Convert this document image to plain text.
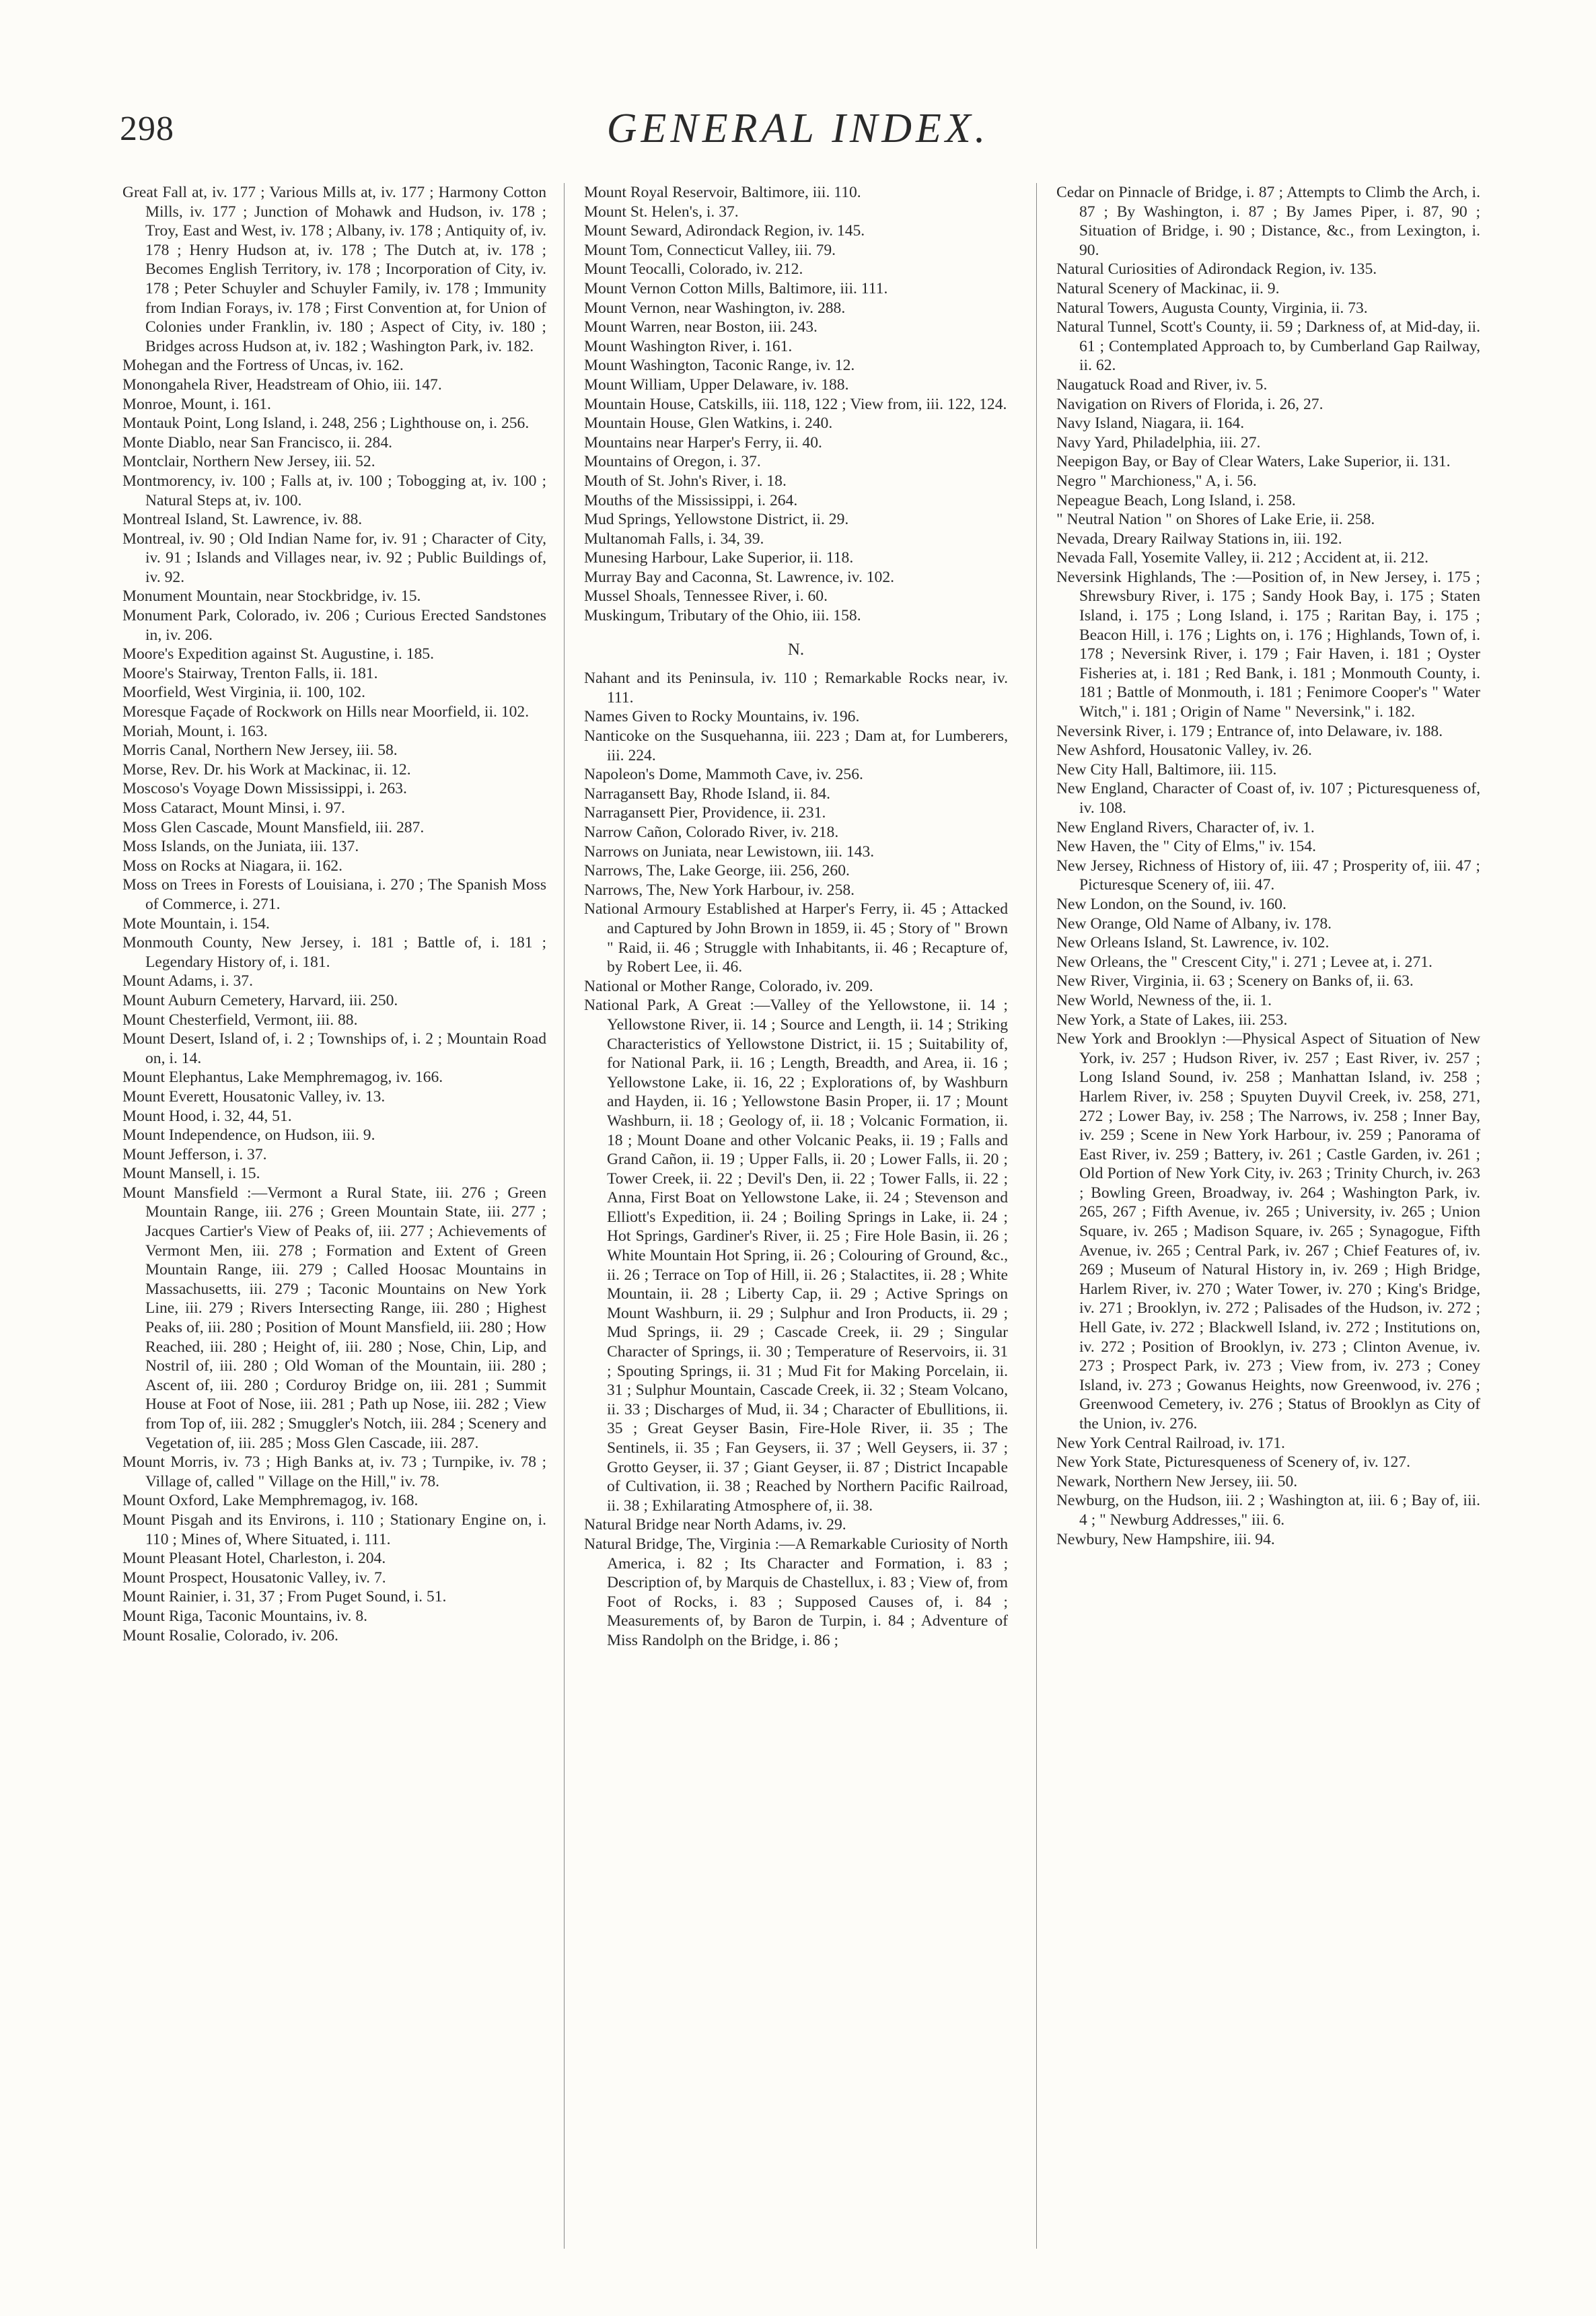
298	GENERAL INDEX.
Great Fall at, iv. 177 ; Various Mills at, iv. 177 ; Harmony Cotton Mills, iv. 177 ; Junction of Mohawk and Hudson, iv. 178 ; Troy, East and West, iv. 178 ; Albany, iv. 178 ; Antiquity of, iv. 178 ; Henry Hudson at, iv. 178 ; The Dutch at, iv. 178 ; Becomes English Territory, iv. 178 ; Incorporation of City, iv. 178 ; Peter Schuyler and Schuyler Family, iv. 178 ; Immunity from Indian Forays, iv. 178 ; First Convention at, for Union of Colonies under Franklin, iv. 180 ; Aspect of City, iv. 180 ; Bridges across Hudson at, iv. 182 ; Washington Park, iv. 182.
Mohegan and the Fortress of Uncas, iv. 162.
Monongahela River, Headstream of Ohio, iii. 147.
Monroe, Mount, i. 161.
Montauk Point, Long Island, i. 248, 256 ; Lighthouse on, i. 256.
Monte Diablo, near San Francisco, ii. 284.
Montclair, Northern New Jersey, iii. 52.
Montmorency, iv. 100 ; Falls at, iv. 100 ; Tobogging at, iv. 100 ; Natural Steps at, iv. 100.
Montreal Island, St. Lawrence, iv. 88.
Montreal, iv. 90 ; Old Indian Name for, iv. 91 ; Character of City, iv. 91 ; Islands and Villages near, iv. 92 ; Public Buildings of, iv. 92.
Monument Mountain, near Stockbridge, iv. 15.
Monument Park, Colorado, iv. 206 ; Curious Erected Sandstones in, iv. 206.
Moore's Expedition against St. Augustine, i. 185.
Moore's Stairway, Trenton Falls, ii. 181.
Moorfield, West Virginia, ii. 100, 102.
Moresque Façade of Rockwork on Hills near Moorfield, ii. 102.
Moriah, Mount, i. 163.
Morris Canal, Northern New Jersey, iii. 58.
Morse, Rev. Dr. his Work at Mackinac, ii. 12.
Moscoso's Voyage Down Mississippi, i. 263.
Moss Cataract, Mount Minsi, i. 97.
Moss Glen Cascade, Mount Mansfield, iii. 287.
Moss Islands, on the Juniata, iii. 137.
Moss on Rocks at Niagara, ii. 162.
Moss on Trees in Forests of Louisiana, i. 270 ; The Spanish Moss of Commerce, i. 271.
Mote Mountain, i. 154.
Monmouth County, New Jersey, i. 181 ; Battle of, i. 181 ; Legendary History of, i. 181.
Mount Adams, i. 37.
Mount Auburn Cemetery, Harvard, iii. 250.
Mount Chesterfield, Vermont, iii. 88.
Mount Desert, Island of, i. 2 ; Townships of, i. 2 ; Mountain Road on, i. 14.
Mount Elephantus, Lake Memphremagog, iv. 166.
Mount Everett, Housatonic Valley, iv. 13.
Mount Hood, i. 32, 44, 51.
Mount Independence, on Hudson, iii. 9.
Mount Jefferson, i. 37.
Mount Mansell, i. 15.
Mount Mansfield :—Vermont a Rural State, iii. 276 ; Green Mountain Range, iii. 276 ; Green Mountain State, iii. 277 ; Jacques Cartier's View of Peaks of, iii. 277 ; Achievements of Vermont Men, iii. 278 ; Formation and Extent of Green Mountain Range, iii. 279 ; Called Hoosac Mountains in Massachusetts, iii. 279 ; Taconic Mountains on New York Line, iii. 279 ; Rivers Intersecting Range, iii. 280 ; Highest Peaks of, iii. 280 ; Position of Mount Mansfield, iii. 280 ; How Reached, iii. 280 ; Height of, iii. 280 ; Nose, Chin, Lip, and Nostril of, iii. 280 ; Old Woman of the Mountain, iii. 280 ; Ascent of, iii. 280 ; Corduroy Bridge on, iii. 281 ; Summit House at Foot of Nose, iii. 281 ; Path up Nose, iii. 282 ; View from Top of, iii. 282 ; Smuggler's Notch, iii. 284 ; Scenery and Vegetation of, iii. 285 ; Moss Glen Cascade, iii. 287.
Mount Morris, iv. 73 ; High Banks at, iv. 73 ; Turnpike, iv. 78 ; Village of, called " Village on the Hill," iv. 78.
Mount Oxford, Lake Memphremagog, iv. 168.
Mount Pisgah and its Environs, i. 110 ; Stationary Engine on, i. 110 ; Mines of, Where Situated, i. 111.
Mount Pleasant Hotel, Charleston, i. 204.
Mount Prospect, Housatonic Valley, iv. 7.
Mount Rainier, i. 31, 37 ; From Puget Sound, i. 51.
Mount Riga, Taconic Mountains, iv. 8.
Mount Rosalie, Colorado, iv. 206.
Mount Royal Reservoir, Baltimore, iii. 110.
Mount St. Helen's, i. 37.
Mount Seward, Adirondack Region, iv. 145.
Mount Tom, Connecticut Valley, iii. 79.
Mount Teocalli, Colorado, iv. 212.
Mount Vernon Cotton Mills, Baltimore, iii. 111.
Mount Vernon, near Washington, iv. 288.
Mount Warren, near Boston, iii. 243.
Mount Washington River, i. 161.
Mount Washington, Taconic Range, iv. 12.
Mount William, Upper Delaware, iv. 188.
Mountain House, Catskills, iii. 118, 122 ; View from, iii. 122, 124.
Mountain House, Glen Watkins, i. 240.
Mountains near Harper's Ferry, ii. 40.
Mountains of Oregon, i. 37.
Mouth of St. John's River, i. 18.
Mouths of the Mississippi, i. 264.
Mud Springs, Yellowstone District, ii. 29.
Multanomah Falls, i. 34, 39.
Munesing Harbour, Lake Superior, ii. 118.
Murray Bay and Caconna, St. Lawrence, iv. 102.
Mussel Shoals, Tennessee River, i. 60.
Muskingum, Tributary of the Ohio, iii. 158.
N.
Nahant and its Peninsula, iv. 110 ; Remarkable Rocks near, iv. 111.
Names Given to Rocky Mountains, iv. 196.
Nanticoke on the Susquehanna, iii. 223 ; Dam at, for Lumberers, iii. 224.
Napoleon's Dome, Mammoth Cave, iv. 256.
Narragansett Bay, Rhode Island, ii. 84.
Narragansett Pier, Providence, ii. 231.
Narrow Cañon, Colorado River, iv. 218.
Narrows on Juniata, near Lewistown, iii. 143.
Narrows, The, Lake George, iii. 256, 260.
Narrows, The, New York Harbour, iv. 258.
National Armoury Established at Harper's Ferry, ii. 45 ; Attacked and Captured by John Brown in 1859, ii. 45 ; Story of " Brown " Raid, ii. 46 ; Struggle with Inhabitants, ii. 46 ; Recapture of, by Robert Lee, ii. 46.
National or Mother Range, Colorado, iv. 209.
National Park, A Great :—Valley of the Yellowstone, ii. 14 ; Yellowstone River, ii. 14 ; Source and Length, ii. 14 ; Striking Characteristics of Yellowstone District, ii. 15 ; Suitability of, for National Park, ii. 16 ; Length, Breadth, and Area, ii. 16 ; Yellowstone Lake, ii. 16, 22 ; Explorations of, by Washburn and Hayden, ii. 16 ; Yellowstone Basin Proper, ii. 17 ; Mount Washburn, ii. 18 ; Geology of, ii. 18 ; Volcanic Formation, ii. 18 ; Mount Doane and other Volcanic Peaks, ii. 19 ; Falls and Grand Cañon, ii. 19 ; Upper Falls, ii. 20 ; Lower Falls, ii. 20 ; Tower Creek, ii. 22 ; Devil's Den, ii. 22 ; Tower Falls, ii. 22 ; Anna, First Boat on Yellowstone Lake, ii. 24 ; Stevenson and Elliott's Expedition, ii. 24 ; Boiling Springs in Lake, ii. 24 ; Hot Springs, Gardiner's River, ii. 25 ; Fire Hole Basin, ii. 26 ; White Mountain Hot Spring, ii. 26 ; Colouring of Ground, &c., ii. 26 ; Terrace on Top of Hill, ii. 26 ; Stalactites, ii. 28 ; White Mountain, ii. 28 ; Liberty Cap, ii. 29 ; Active Springs on Mount Washburn, ii. 29 ; Sulphur and Iron Products, ii. 29 ; Mud Springs, ii. 29 ; Cascade Creek, ii. 29 ; Singular Character of Springs, ii. 30 ; Temperature of Reservoirs, ii. 31 ; Spouting Springs, ii. 31 ; Mud Fit for Making Porcelain, ii. 31 ; Sulphur Mountain, Cascade Creek, ii. 32 ; Steam Volcano, ii. 33 ; Discharges of Mud, ii. 34 ; Character of Ebullitions, ii. 35 ; Great Geyser Basin, Fire-Hole River, ii. 35 ; The Sentinels, ii. 35 ; Fan Geysers, ii. 37 ; Well Geysers, ii. 37 ; Grotto Geyser, ii. 37 ; Giant Geyser, ii. 87 ; District Incapable of Cultivation, ii. 38 ; Reached by Northern Pacific Railroad, ii. 38 ; Exhilarating Atmosphere of, ii. 38.
Natural Bridge near North Adams, iv. 29.
Natural Bridge, The, Virginia :—A Remarkable Curiosity of North America, i. 82 ; Its Character and Formation, i. 83 ; Description of, by Marquis de Chastellux, i. 83 ; View of, from Foot of Rocks, i. 83 ; Supposed Causes of, i. 84 ; Measurements of, by Baron de Turpin, i. 84 ; Adventure of Miss Randolph on the Bridge, i. 86 ;
Cedar on Pinnacle of Bridge, i. 87 ; Attempts to Climb the Arch, i. 87 ; By Washington, i. 87 ; By James Piper, i. 87, 90 ; Situation of Bridge, i. 90 ; Distance, &c., from Lexington, i. 90.
Natural Curiosities of Adirondack Region, iv. 135.
Natural Scenery of Mackinac, ii. 9.
Natural Towers, Augusta County, Virginia, ii. 73.
Natural Tunnel, Scott's County, ii. 59 ; Darkness of, at Mid-day, ii. 61 ; Contemplated Approach to, by Cumberland Gap Railway, ii. 62.
Naugatuck Road and River, iv. 5.
Navigation on Rivers of Florida, i. 26, 27.
Navy Island, Niagara, ii. 164.
Navy Yard, Philadelphia, iii. 27.
Neepigon Bay, or Bay of Clear Waters, Lake Superior, ii. 131.
Negro " Marchioness," A, i. 56.
Nepeague Beach, Long Island, i. 258.
" Neutral Nation " on Shores of Lake Erie, ii. 258.
Nevada, Dreary Railway Stations in, iii. 192.
Nevada Fall, Yosemite Valley, ii. 212 ; Accident at, ii. 212.
Neversink Highlands, The :—Position of, in New Jersey, i. 175 ; Shrewsbury River, i. 175 ; Sandy Hook Bay, i. 175 ; Staten Island, i. 175 ; Long Island, i. 175 ; Raritan Bay, i. 175 ; Beacon Hill, i. 176 ; Lights on, i. 176 ; Highlands, Town of, i. 178 ; Neversink River, i. 179 ; Fair Haven, i. 181 ; Oyster Fisheries at, i. 181 ; Red Bank, i. 181 ; Monmouth County, i. 181 ; Battle of Monmouth, i. 181 ; Fenimore Cooper's " Water Witch," i. 181 ; Origin of Name " Neversink," i. 182.
Neversink River, i. 179 ; Entrance of, into Delaware, iv. 188.
New Ashford, Housatonic Valley, iv. 26.
New City Hall, Baltimore, iii. 115.
New England, Character of Coast of, iv. 107 ; Picturesqueness of, iv. 108.
New England Rivers, Character of, iv. 1.
New Haven, the " City of Elms," iv. 154.
New Jersey, Richness of History of, iii. 47 ; Prosperity of, iii. 47 ; Picturesque Scenery of, iii. 47.
New London, on the Sound, iv. 160.
New Orange, Old Name of Albany, iv. 178.
New Orleans Island, St. Lawrence, iv. 102.
New Orleans, the " Crescent City," i. 271 ; Levee at, i. 271.
New River, Virginia, ii. 63 ; Scenery on Banks of, ii. 63.
New World, Newness of the, ii. 1.
New York, a State of Lakes, iii. 253.
New York and Brooklyn :—Physical Aspect of Situation of New York, iv. 257 ; Hudson River, iv. 257 ; East River, iv. 257 ; Long Island Sound, iv. 258 ; Manhattan Island, iv. 258 ; Harlem River, iv. 258 ; Spuyten Duyvil Creek, iv. 258, 271, 272 ; Lower Bay, iv. 258 ; The Narrows, iv. 258 ; Inner Bay, iv. 259 ; Scene in New York Harbour, iv. 259 ; Panorama of East River, iv. 259 ; Battery, iv. 261 ; Castle Garden, iv. 261 ; Old Portion of New York City, iv. 263 ; Trinity Church, iv. 263 ; Bowling Green, Broadway, iv. 264 ; Washington Park, iv. 265, 267 ; Fifth Avenue, iv. 265 ; University, iv. 265 ; Union Square, iv. 265 ; Madison Square, iv. 265 ; Synagogue, Fifth Avenue, iv. 265 ; Central Park, iv. 267 ; Chief Features of, iv. 269 ; Museum of Natural History in, iv. 269 ; High Bridge, Harlem River, iv. 270 ; Water Tower, iv. 270 ; King's Bridge, iv. 271 ; Brooklyn, iv. 272 ; Palisades of the Hudson, iv. 272 ; Hell Gate, iv. 272 ; Blackwell Island, iv. 272 ; Institutions on, iv. 272 ; Position of Brooklyn, iv. 273 ; Clinton Avenue, iv. 273 ; Prospect Park, iv. 273 ; View from, iv. 273 ; Coney Island, iv. 273 ; Gowanus Heights, now Greenwood, iv. 276 ; Greenwood Cemetery, iv. 276 ; Status of Brooklyn as City of the Union, iv. 276.
New York Central Railroad, iv. 171.
New York State, Picturesqueness of Scenery of, iv. 127.
Newark, Northern New Jersey, iii. 50.
Newburg, on the Hudson, iii. 2 ; Washington at, iii. 6 ; Bay of, iii. 4 ; " Newburg Addresses," iii. 6.
Newbury, New Hampshire, iii. 94.
